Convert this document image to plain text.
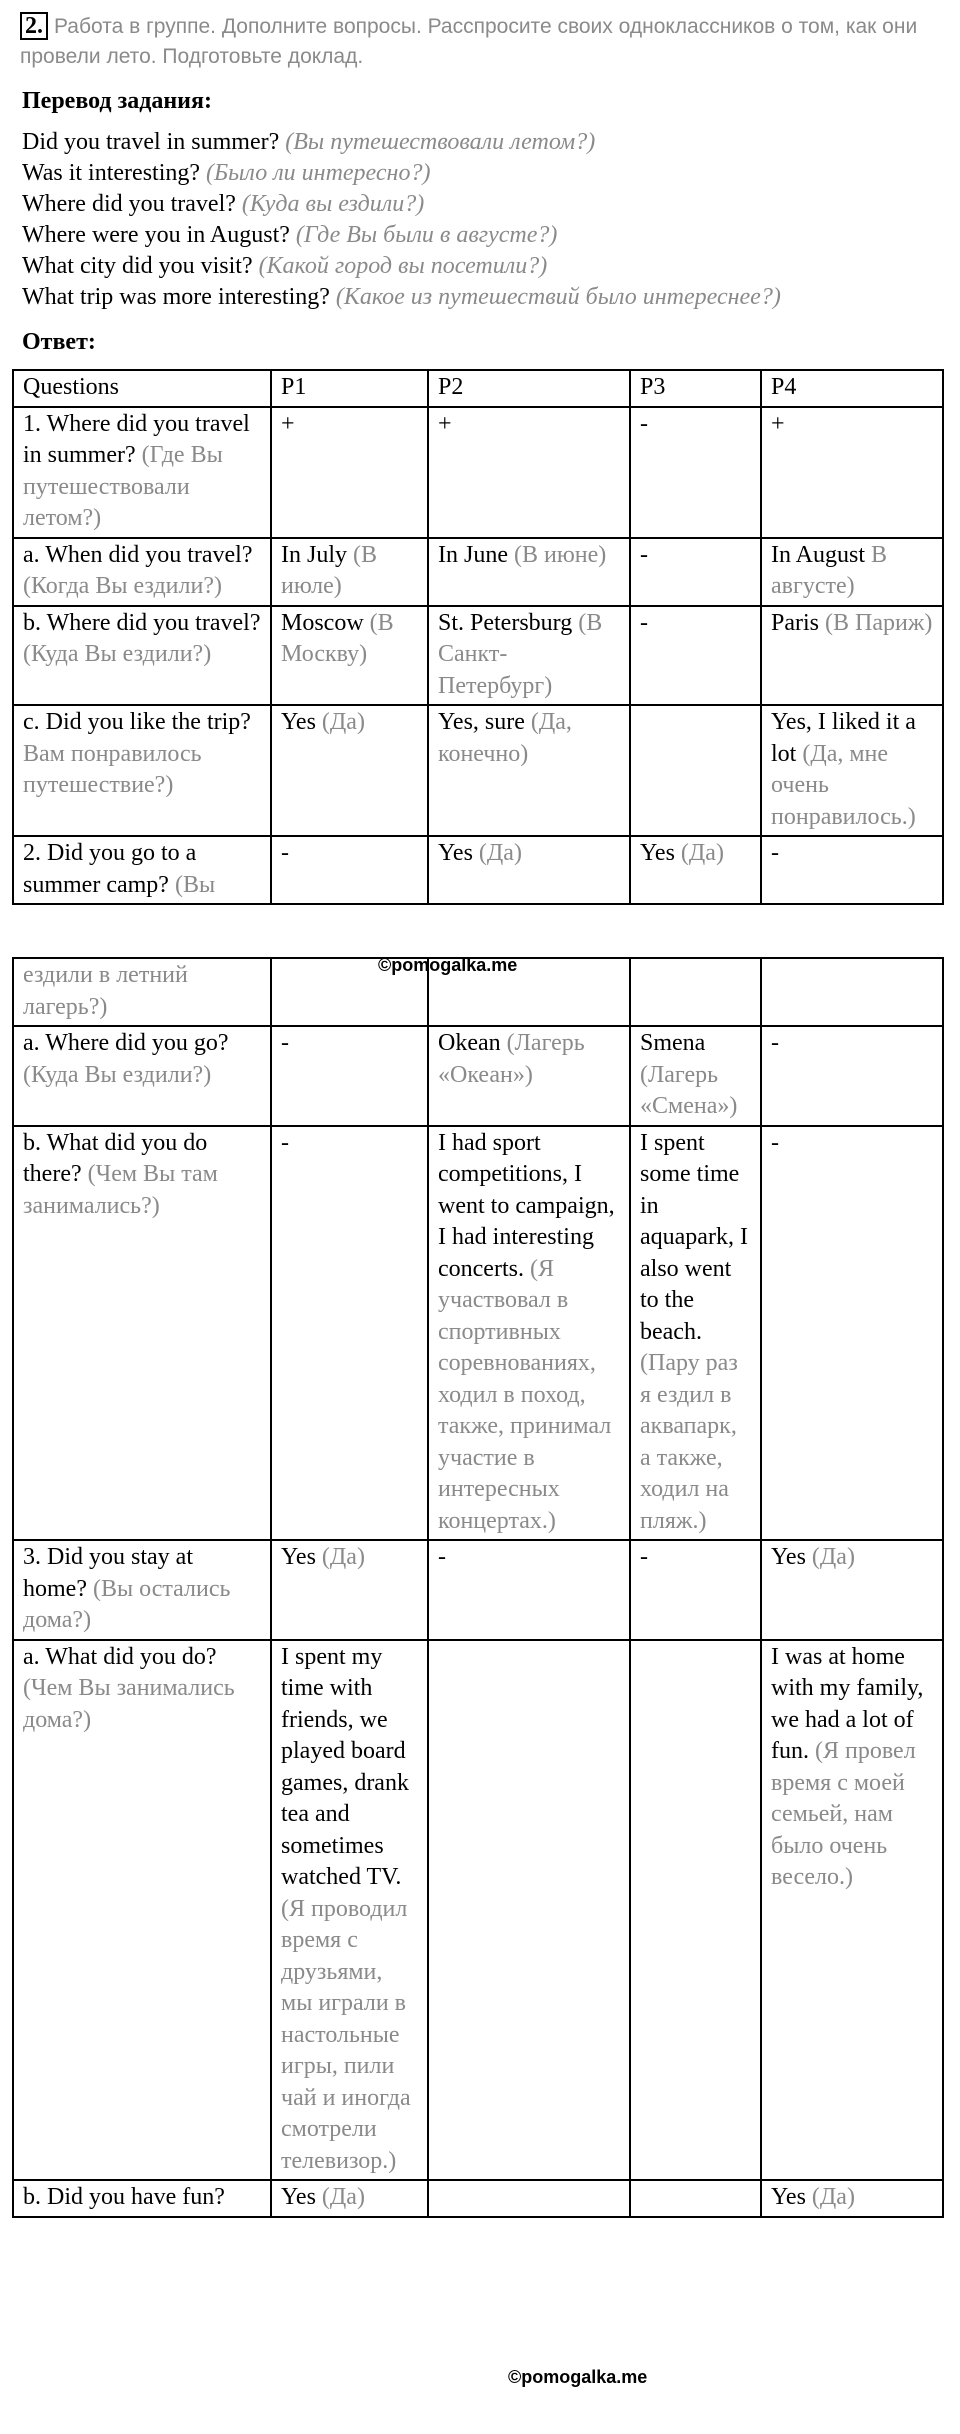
2. Работа в группе. Дополните вопросы. Расспросите своих одноклассников о том, как они провели лето. Подготовьте доклад.
Перевод задания:
Did you travel in summer? (Вы путешествовали летом?)
Was it interesting? (Было ли интересно?)
Where did you travel? (Куда вы ездили?)
Where were you in August? (Где Вы были в августе?)
What city did you visit? (Какой город вы посетили?)
What trip was more interesting? (Какое из путешествий было интереснее?)
Ответ:
Questions	P1	P2	P3	P4
1. Where did you travel in summer? (Где Вы путешествовали летом?)	+	+	-	+
a. When did you travel? (Когда Вы ездили?)	In July (В июле)	In June (В июне)	-	In August В августе)
b. Where did you travel? (Куда Вы ездили?)	Moscow (В Москву)	St. Petersburg (В Санкт-Петербург)	-	Paris (В Париж)
c. Did you like the trip? Вам понравилось путешествие?)	Yes (Да)	Yes, sure (Да, конечно)		Yes, I liked it a lot (Да, мне очень понравилось.)
2. Did you go to a summer camp? (Вы	-	Yes (Да)	Yes (Да)	-
©pomogalka.me
ездили в летний лагерь?)				
a. Where did you go? (Куда Вы ездили?)	-	Okean (Лагерь «Океан»)	Smena (Лагерь «Смена»)	-
b. What did you do there? (Чем Вы там занимались?)	-	I had sport competitions, I went to campaign, I had interesting concerts. (Я участвовал в спортивных соревнованиях, ходил в поход, также, принимал участие в интересных концертах.)	I spent some time in aquapark, I also went to the beach. (Пару раз я ездил в аквапарк, а также, ходил на пляж.)	-
3. Did you stay at home? (Вы остались дома?)	Yes (Да)	-	-	Yes (Да)
a. What did you do? (Чем Вы занимались дома?)	I spent my time with friends, we played board games, drank tea and sometimes watched TV. (Я проводил время с друзьями, мы играли в настольные игры, пили чай и иногда смотрели телевизор.)			I was at home with my family, we had a lot of fun. (Я провел время с моей семьей, нам было очень весело.)
b. Did you have fun?	Yes (Да)			Yes (Да)
©pomogalka.me
